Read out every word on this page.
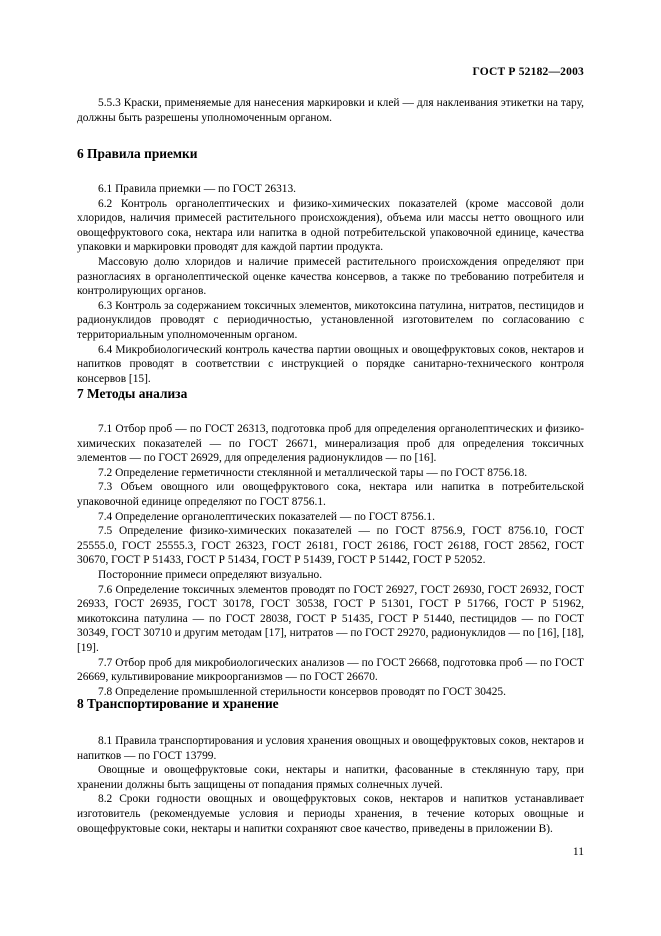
ГОСТ Р 52182—2003

5.5.3 Краски, применяемые для нанесения маркировки и клей — для наклеивания этикетки на тару, должны быть разрешены уполномоченным органом.

6 Правила приемки

6.1 Правила приемки — по ГОСТ 26313.

6.2 Контроль органолептических и физико-химических показателей (кроме массовой доли хлоридов, наличия примесей растительного происхождения), объема или массы нетто овощного или овощефруктового сока, нектара или напитка в одной потребительской упаковочной единице, качества упаковки и маркировки проводят для каждой партии продукта.

Массовую долю хлоридов и наличие примесей растительного происхождения определяют при разногласиях в органолептической оценке качества консервов, а также по требованию потребителя и контролирующих органов.

6.3 Контроль за содержанием токсичных элементов, микотоксина патулина, нитратов, пестицидов и радионуклидов проводят с периодичностью, установленной изготовителем по согласованию с территориальным уполномоченным органом.

6.4 Микробиологический контроль качества партии овощных и овощефруктовых соков, нектаров и напитков проводят в соответствии с инструкцией о порядке санитарно-технического контроля консервов [15].

7 Методы анализа

7.1 Отбор проб — по ГОСТ 26313, подготовка проб для определения органолептических и физико-химических показателей — по ГОСТ 26671, минерализация проб для определения токсичных элементов — по ГОСТ 26929, для определения радионуклидов — по [16].

7.2 Определение герметичности стеклянной и металлической тары — по ГОСТ 8756.18.

7.3 Объем овощного или овощефруктового сока, нектара или напитка в потребительской упаковочной единице определяют по ГОСТ 8756.1.

7.4 Определение органолептических показателей — по ГОСТ 8756.1.

7.5 Определение физико-химических показателей — по ГОСТ 8756.9, ГОСТ 8756.10, ГОСТ 25555.0, ГОСТ 25555.3, ГОСТ 26323, ГОСТ 26181, ГОСТ 26186, ГОСТ 26188, ГОСТ 28562, ГОСТ 30670, ГОСТ Р 51433, ГОСТ Р 51434, ГОСТ Р 51439, ГОСТ Р 51442, ГОСТ Р 52052.

Посторонние примеси определяют визуально.

7.6 Определение токсичных элементов проводят по ГОСТ 26927, ГОСТ 26930, ГОСТ 26932, ГОСТ 26933, ГОСТ 26935, ГОСТ 30178, ГОСТ 30538, ГОСТ Р 51301, ГОСТ Р 51766, ГОСТ Р 51962, микотоксина патулина — по ГОСТ 28038, ГОСТ Р 51435, ГОСТ Р 51440, пестицидов — по ГОСТ 30349, ГОСТ 30710 и другим методам [17], нитратов — по ГОСТ 29270, радионуклидов — по [16], [18], [19].

7.7 Отбор проб для микробиологических анализов — по ГОСТ 26668, подготовка проб — по ГОСТ 26669, культивирование микроорганизмов — по ГОСТ 26670.

7.8 Определение промышленной стерильности консервов проводят по ГОСТ 30425.

8 Транспортирование и хранение

8.1 Правила транспортирования и условия хранения овощных и овощефруктовых соков, нектаров и напитков — по ГОСТ 13799.

Овощные и овощефруктовые соки, нектары и напитки, фасованные в стеклянную тару, при хранении должны быть защищены от попадания прямых солнечных лучей.

8.2 Сроки годности овощных и овощефруктовых соков, нектаров и напитков устанавливает изготовитель (рекомендуемые условия и периоды хранения, в течение которых овощные и овощефруктовые соки, нектары и напитки сохраняют свое качество, приведены в приложении В).

11
